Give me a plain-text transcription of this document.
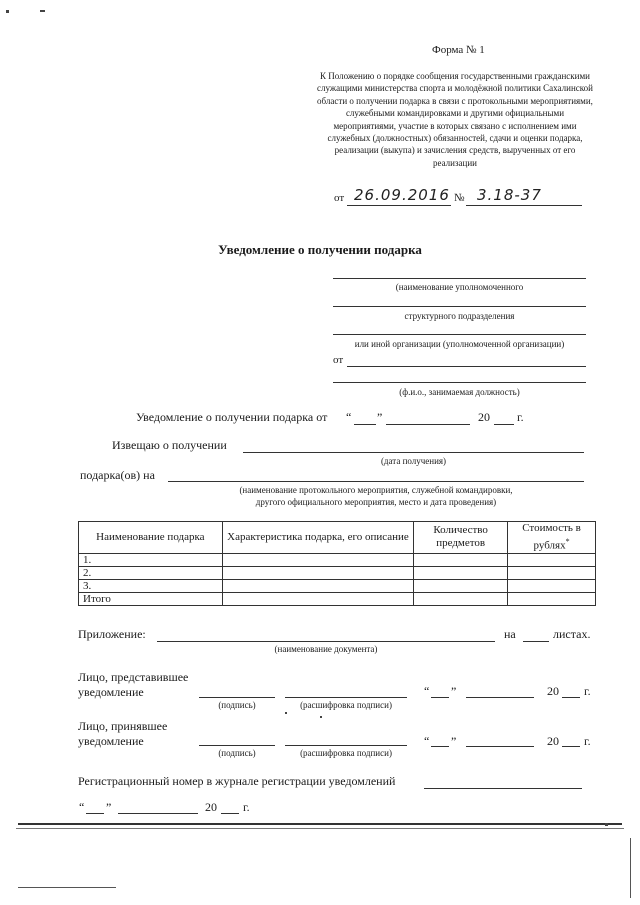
Форма № 1
К Положению о порядке сообщения государственными гражданскими служащими министерства спорта и молодёжной политики Сахалинской области о получении подарка в связи с протокольными мероприятиями, служебными командировками и другими официальными мероприятиями, участие в которых связано с исполнением ими служебных (должностных) обязанностей, сдачи и оценки подарка, реализации (выкупа) и зачисления средств, вырученных от его реализации
от 26.09.2016 № 3.18-37
Уведомление о получении подарка
(наименование уполномоченного
структурного подразделения
или иной организации (уполномоченной организации)
от
(ф.и.о., занимаемая должность)
Уведомление о получении подарка от “ ”	20 г.
Извещаю о получении
(дата получения)
подарка(ов) на
(наименование протокольного мероприятия, служебной командировки,
другого официального мероприятия, место и дата проведения)
Наименование подарка	Характеристика подарка, его описание	Количество предметов	Стоимость в рублях*
1.			
2.			
3.			
Итого			
Приложение:	на	листах.
(наименование документа)
Лицо, представившее
уведомление
(подпись)	(расшифровка подписи)
“ ”	20 г.
Лицо, принявшее
уведомление
(подпись)	(расшифровка подписи)
“ ”	20 г.
Регистрационный номер в журнале регистрации уведомлений
“ ”	20 г.
